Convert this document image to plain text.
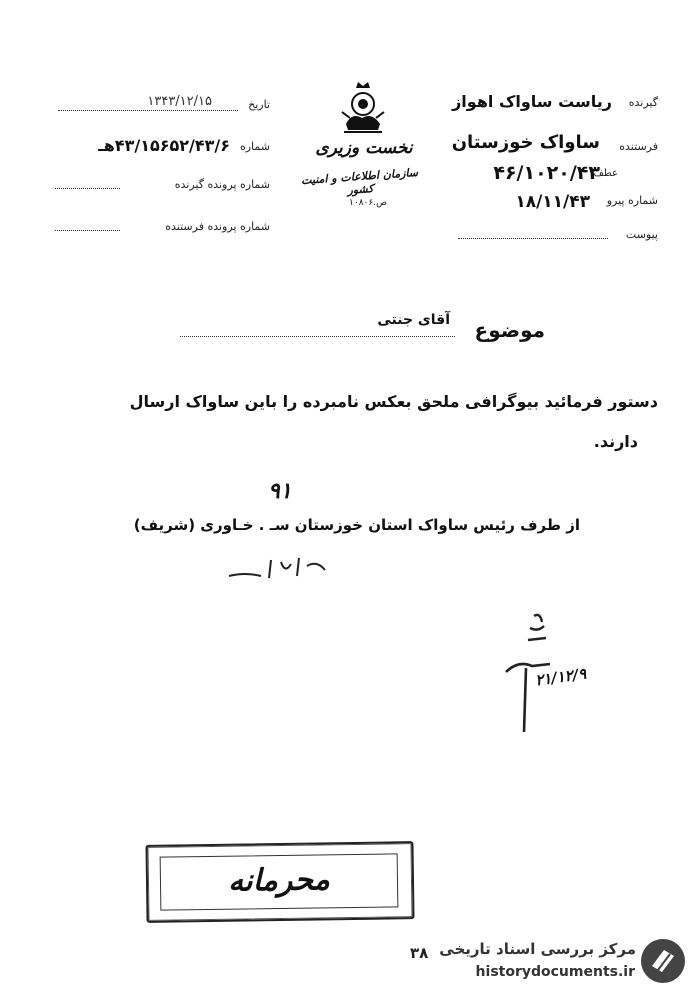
گیرنده
ریاست ساواک اهواز
فرستنده
ساواک خوزستان
۴۶/۱۰۲۰/۴۳
عطف
شماره پیرو
۱۸/۱۱/۴۳
پیوست
نخست وزیری
سازمان اطلاعات و امنیت کشور
ص.۱۰۸۰۶
تاریخ
۱۳۴۳/۱۲/۱۵
شماره
۴۳/۱۵۶۵۲/۴۳/۶هـ
شماره پرونده گیرنده
شماره پرونده فرستنده
موضوع
آقای جنتی
دستور فرمائید بیوگرافی ملحق بعکس نامبرده را باین ساواک ارسال
دارند.
۹۱
از طرف رئیس ساواک استان خوزستان سـ . خـاوری (شریف)
۲۱/۱۲/۹
محرمانه
مرکز بررسی اسناد تاریخی
historydocuments.ir
۳۸
